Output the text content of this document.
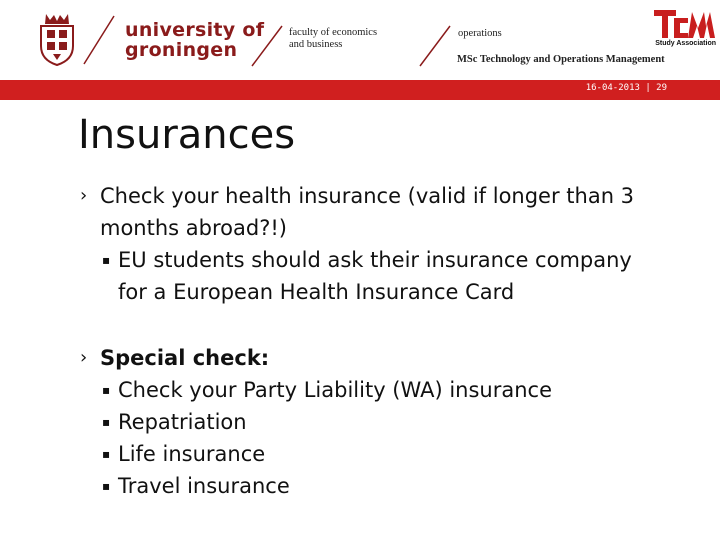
university of
groningen
faculty of economics
and business
operations
MSc Technology and Operations Management
Study Association
16-04-2013 | 29
Insurances
› Check your health insurance (valid if longer than 3
months abroad?!)
▪ EU students should ask their insurance company
for a European Health Insurance Card
› Special check:
▪ Check your Party Liability (WA) insurance
▪ Repatriation
▪ Life insurance
▪ Travel insurance
